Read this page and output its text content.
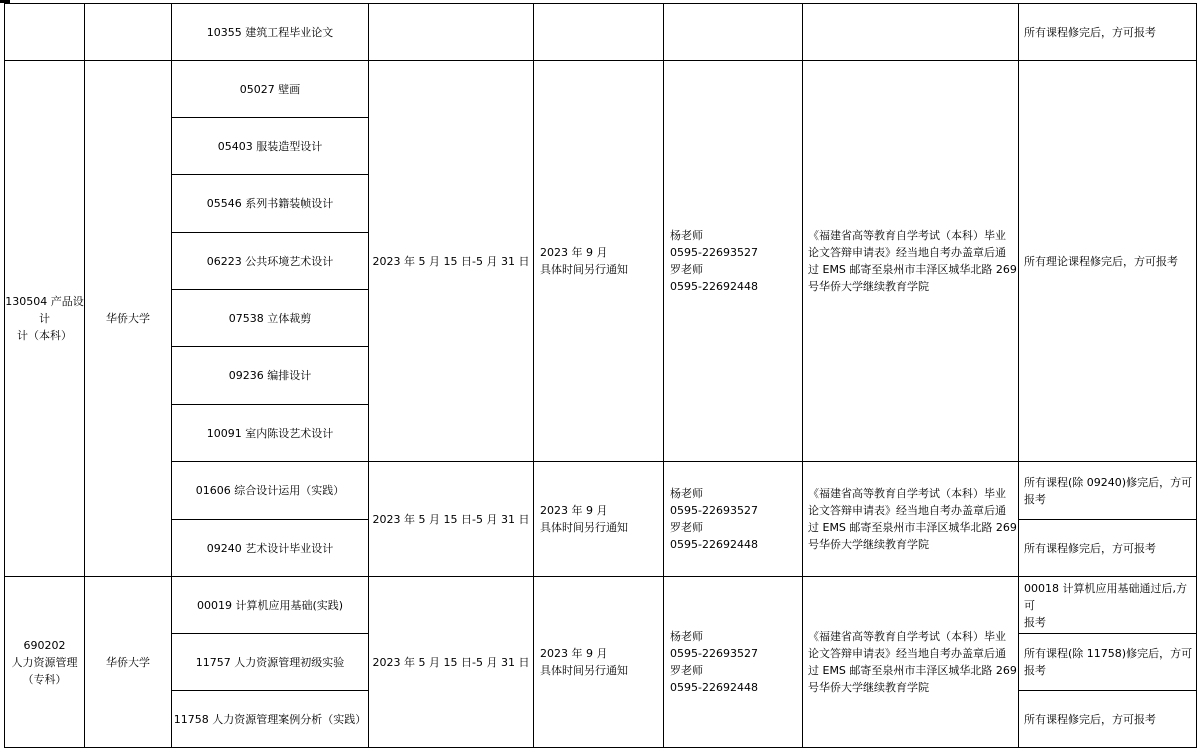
10355 建筑工程毕业论文	所有课程修完后，方可报考
130504 产品设计
计（本科）
华侨大学
05027 壁画
05403 服装造型设计
05546 系列书籍装帧设计
06223 公共环境艺术设计
07538 立体裁剪
09236 编排设计
10091 室内陈设艺术设计
2023 年 5 月 15 日-5 月 31 日
2023 年 9 月
具体时间另行通知
杨老师
0595-22693527
罗老师
0595-22692448
《福建省高等教育自学考试（本科）毕业
论文答辩申请表》经当地自考办盖章后通
过 EMS 邮寄至泉州市丰泽区城华北路 269
号华侨大学继续教育学院
所有理论课程修完后，方可报考
01606 综合设计运用（实践）
09240 艺术设计毕业设计
2023 年 5 月 15 日-5 月 31 日
2023 年 9 月
具体时间另行通知
杨老师
0595-22693527
罗老师
0595-22692448
《福建省高等教育自学考试（本科）毕业
论文答辩申请表》经当地自考办盖章后通
过 EMS 邮寄至泉州市丰泽区城华北路 269
号华侨大学继续教育学院
所有课程(除 09240)修完后，方可
报考
所有课程修完后，方可报考
690202
人力资源管理
（专科）
华侨大学
00019 计算机应用基础(实践)
11757 人力资源管理初级实验
11758 人力资源管理案例分析（实践）
2023 年 5 月 15 日-5 月 31 日
2023 年 9 月
具体时间另行通知
杨老师
0595-22693527
罗老师
0595-22692448
《福建省高等教育自学考试（本科）毕业
论文答辩申请表》经当地自考办盖章后通
过 EMS 邮寄至泉州市丰泽区城华北路 269
号华侨大学继续教育学院
00018 计算机应用基础通过后,方可
报考
所有课程(除 11758)修完后，方可
报考
所有课程修完后，方可报考
